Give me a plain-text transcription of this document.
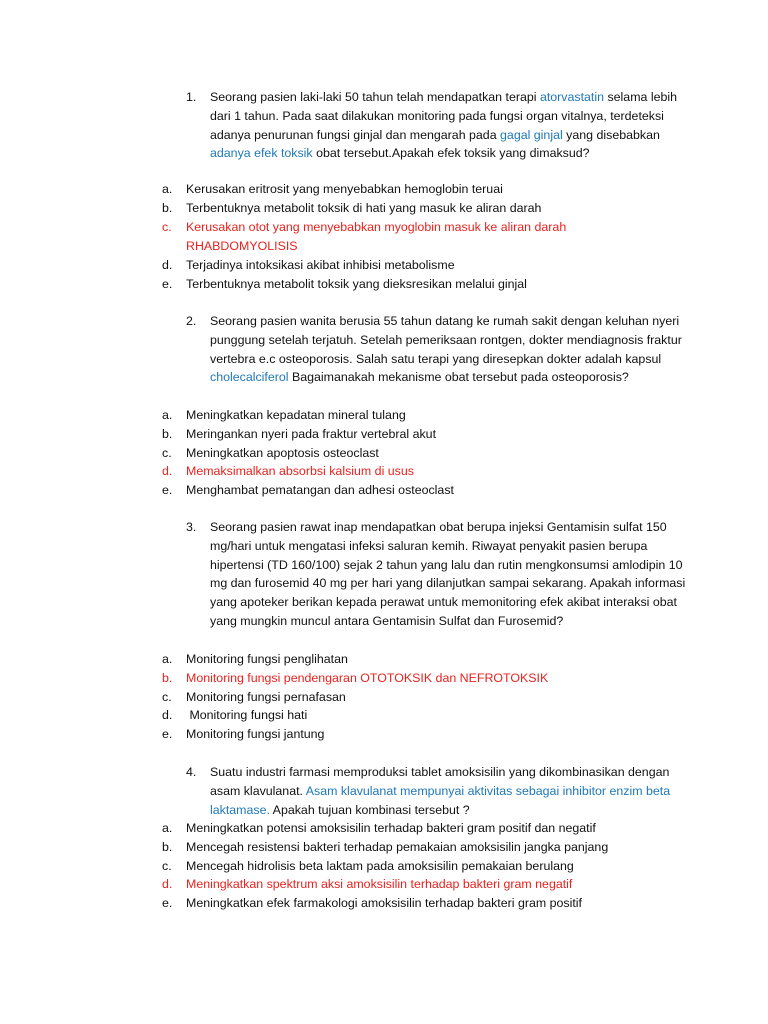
1.	Seorang pasien laki-laki 50 tahun telah mendapatkan terapi atorvastatin selama lebih dari 1 tahun. Pada saat dilakukan monitoring pada fungsi organ vitalnya, terdeteksi adanya penurunan fungsi ginjal dan mengarah pada gagal ginjal yang disebabkan adanya efek toksik obat tersebut.Apakah efek toksik yang dimaksud?
a.	Kerusakan eritrosit yang menyebabkan hemoglobin teruai
b.	Terbentuknya metabolit toksik di hati yang masuk ke aliran darah
c.	Kerusakan otot yang menyebabkan myoglobin masuk ke aliran darah RHABDOMYOLISIS
d.	Terjadinya intoksikasi akibat inhibisi metabolisme
e.	Terbentuknya metabolit toksik yang dieksresikan melalui ginjal
2.	Seorang pasien wanita berusia 55 tahun datang ke rumah sakit dengan keluhan nyeri punggung setelah terjatuh. Setelah pemeriksaan rontgen, dokter mendiagnosis fraktur vertebra e.c osteoporosis. Salah satu terapi yang diresepkan dokter adalah kapsul cholecalciferol Bagaimanakah mekanisme obat tersebut pada osteoporosis?
a.	Meningkatkan kepadatan mineral tulang
b.	Meringankan nyeri pada fraktur vertebral akut
c.	Meningkatkan apoptosis osteoclast
d.	Memaksimalkan absorbsi kalsium di usus
e.	Menghambat pematangan dan adhesi osteoclast
3.	Seorang pasien rawat inap mendapatkan obat berupa injeksi Gentamisin sulfat 150 mg/hari untuk mengatasi infeksi saluran kemih. Riwayat penyakit pasien berupa hipertensi (TD 160/100) sejak 2 tahun yang lalu dan rutin mengkonsumsi amlodipin 10 mg dan furosemid 40 mg per hari yang dilanjutkan sampai sekarang. Apakah informasi yang apoteker berikan kepada perawat untuk memonitoring efek akibat interaksi obat yang mungkin muncul antara Gentamisin Sulfat dan Furosemid?
a.	Monitoring fungsi penglihatan
b.	Monitoring fungsi pendengaran OTOTOKSIK dan NEFROTOKSIK
c.	Monitoring fungsi pernafasan
d.	Monitoring fungsi hati
e.	Monitoring fungsi jantung
4.	Suatu industri farmasi memproduksi tablet amoksisilin yang dikombinasikan dengan asam klavulanat. Asam klavulanat mempunyai aktivitas sebagai inhibitor enzim beta laktamase. Apakah tujuan kombinasi tersebut ?
a.	Meningkatkan potensi amoksisilin terhadap bakteri gram positif dan negatif
b.	Mencegah resistensi bakteri terhadap pemakaian amoksisilin jangka panjang
c.	Mencegah hidrolisis beta laktam pada amoksisilin pemakaian berulang
d.	Meningkatkan spektrum aksi amoksisilin terhadap bakteri gram negatif
e.	Meningkatkan efek farmakologi amoksisilin terhadap bakteri gram positif
